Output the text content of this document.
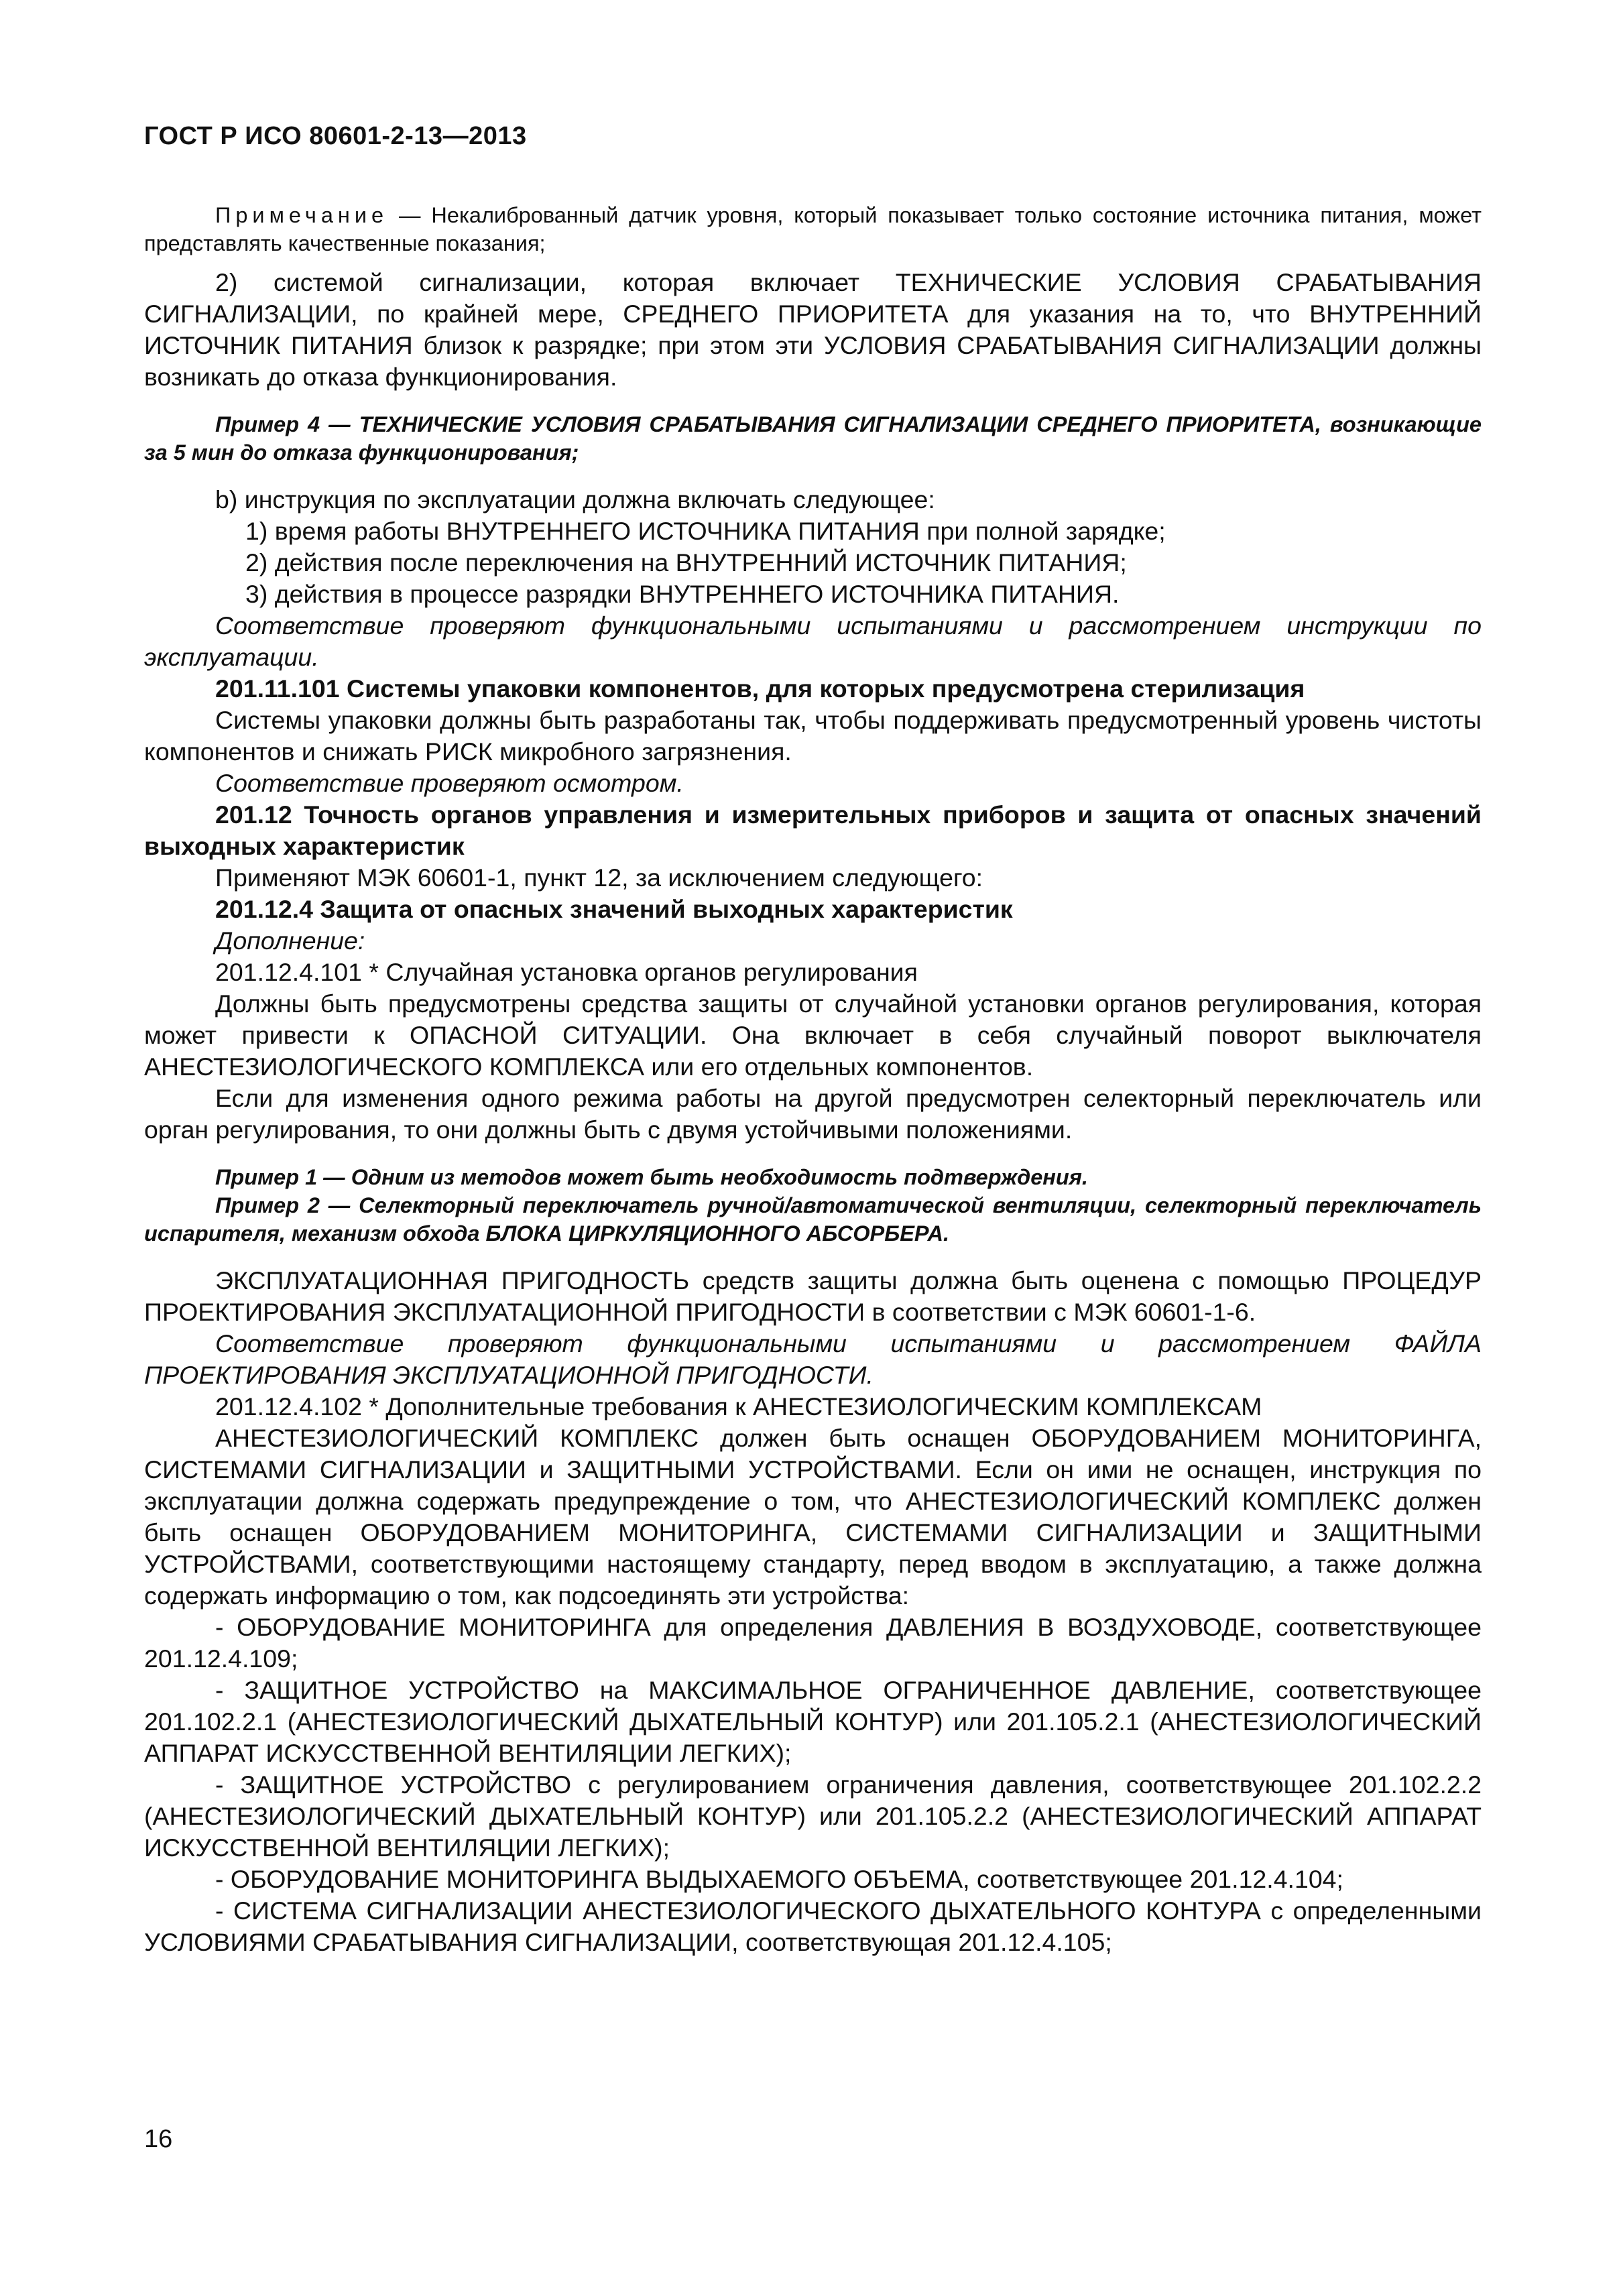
ГОСТ Р ИСО 80601-2-13—2013

Примечание — Некалиброванный датчик уровня, который показывает только состояние источника питания, может представлять качественные показания;

2) системой сигнализации, которая включает ТЕХНИЧЕСКИЕ УСЛОВИЯ СРАБАТЫВАНИЯ СИГНАЛИЗАЦИИ, по крайней мере, СРЕДНЕГО ПРИОРИТЕТА для указания на то, что ВНУТРЕННИЙ ИСТОЧНИК ПИТАНИЯ близок к разрядке; при этом эти УСЛОВИЯ СРАБАТЫВАНИЯ СИГНАЛИЗАЦИИ должны возникать до отказа функционирования.

Пример 4 — ТЕХНИЧЕСКИЕ УСЛОВИЯ СРАБАТЫВАНИЯ СИГНАЛИЗАЦИИ СРЕДНЕГО ПРИОРИТЕТА, возникающие за 5 мин до отказа функционирования;

b) инструкция по эксплуатации должна включать следующее:

1) время работы ВНУТРЕННЕГО ИСТОЧНИКА ПИТАНИЯ при полной зарядке;

2) действия после переключения на ВНУТРЕННИЙ ИСТОЧНИК ПИТАНИЯ;

3) действия в процессе разрядки ВНУТРЕННЕГО ИСТОЧНИКА ПИТАНИЯ.

Соответствие проверяют функциональными испытаниями и рассмотрением инструкции по эксплуатации.

201.11.101 Системы упаковки компонентов, для которых предусмотрена стерилизация

Системы упаковки должны быть разработаны так, чтобы поддерживать предусмотренный уровень чистоты компонентов и снижать РИСК микробного загрязнения.

Соответствие проверяют осмотром.

201.12 Точность органов управления и измерительных приборов и защита от опасных значений выходных характеристик

Применяют МЭК 60601-1, пункт 12, за исключением следующего:

201.12.4 Защита от опасных значений выходных характеристик

Дополнение:

201.12.4.101 * Случайная установка органов регулирования

Должны быть предусмотрены средства защиты от случайной установки органов регулирования, которая может привести к ОПАСНОЙ СИТУАЦИИ. Она включает в себя случайный поворот выключателя АНЕСТЕЗИОЛОГИЧЕСКОГО КОМПЛЕКСА или его отдельных компонентов.

Если для изменения одного режима работы на другой предусмотрен селекторный переключатель или орган регулирования, то они должны быть с двумя устойчивыми положениями.

Пример 1 — Одним из методов может быть необходимость подтверждения.

Пример 2 — Селекторный переключатель ручной/автоматической вентиляции, селекторный переключатель испарителя, механизм обхода БЛОКА ЦИРКУЛЯЦИОННОГО АБСОРБЕРА.

ЭКСПЛУАТАЦИОННАЯ ПРИГОДНОСТЬ средств защиты должна быть оценена с помощью ПРОЦЕДУР ПРОЕКТИРОВАНИЯ ЭКСПЛУАТАЦИОННОЙ ПРИГОДНОСТИ в соответствии с МЭК 60601-1-6.

Соответствие проверяют функциональными испытаниями и рассмотрением ФАЙЛА ПРОЕКТИРОВАНИЯ ЭКСПЛУАТАЦИОННОЙ ПРИГОДНОСТИ.

201.12.4.102 * Дополнительные требования к АНЕСТЕЗИОЛОГИЧЕСКИМ КОМПЛЕКСАМ

АНЕСТЕЗИОЛОГИЧЕСКИЙ КОМПЛЕКС должен быть оснащен ОБОРУДОВАНИЕМ МОНИТОРИНГА, СИСТЕМАМИ СИГНАЛИЗАЦИИ и ЗАЩИТНЫМИ УСТРОЙСТВАМИ. Если он ими не оснащен, инструкция по эксплуатации должна содержать предупреждение о том, что АНЕСТЕЗИОЛОГИЧЕСКИЙ КОМПЛЕКС должен быть оснащен ОБОРУДОВАНИЕМ МОНИТОРИНГА, СИСТЕМАМИ СИГНАЛИЗАЦИИ и ЗАЩИТНЫМИ УСТРОЙСТВАМИ, соответствующими настоящему стандарту, перед вводом в эксплуатацию, а также должна содержать информацию о том, как подсоединять эти устройства:

- ОБОРУДОВАНИЕ МОНИТОРИНГА для определения ДАВЛЕНИЯ В ВОЗДУХОВОДЕ, соответствующее 201.12.4.109;

- ЗАЩИТНОЕ УСТРОЙСТВО на МАКСИМАЛЬНОЕ ОГРАНИЧЕННОЕ ДАВЛЕНИЕ, соответствующее 201.102.2.1 (АНЕСТЕЗИОЛОГИЧЕСКИЙ ДЫХАТЕЛЬНЫЙ КОНТУР) или 201.105.2.1 (АНЕСТЕЗИОЛОГИЧЕСКИЙ АППАРАТ ИСКУССТВЕННОЙ ВЕНТИЛЯЦИИ ЛЕГКИХ);

- ЗАЩИТНОЕ УСТРОЙСТВО с регулированием ограничения давления, соответствующее 201.102.2.2 (АНЕСТЕЗИОЛОГИЧЕСКИЙ ДЫХАТЕЛЬНЫЙ КОНТУР) или 201.105.2.2 (АНЕСТЕЗИОЛОГИЧЕСКИЙ АППАРАТ ИСКУССТВЕННОЙ ВЕНТИЛЯЦИИ ЛЕГКИХ);

- ОБОРУДОВАНИЕ МОНИТОРИНГА ВЫДЫХАЕМОГО ОБЪЕМА, соответствующее 201.12.4.104;

- СИСТЕМА СИГНАЛИЗАЦИИ АНЕСТЕЗИОЛОГИЧЕСКОГО ДЫХАТЕЛЬНОГО КОНТУРА с определенными УСЛОВИЯМИ СРАБАТЫВАНИЯ СИГНАЛИЗАЦИИ, соответствующая 201.12.4.105;

16
